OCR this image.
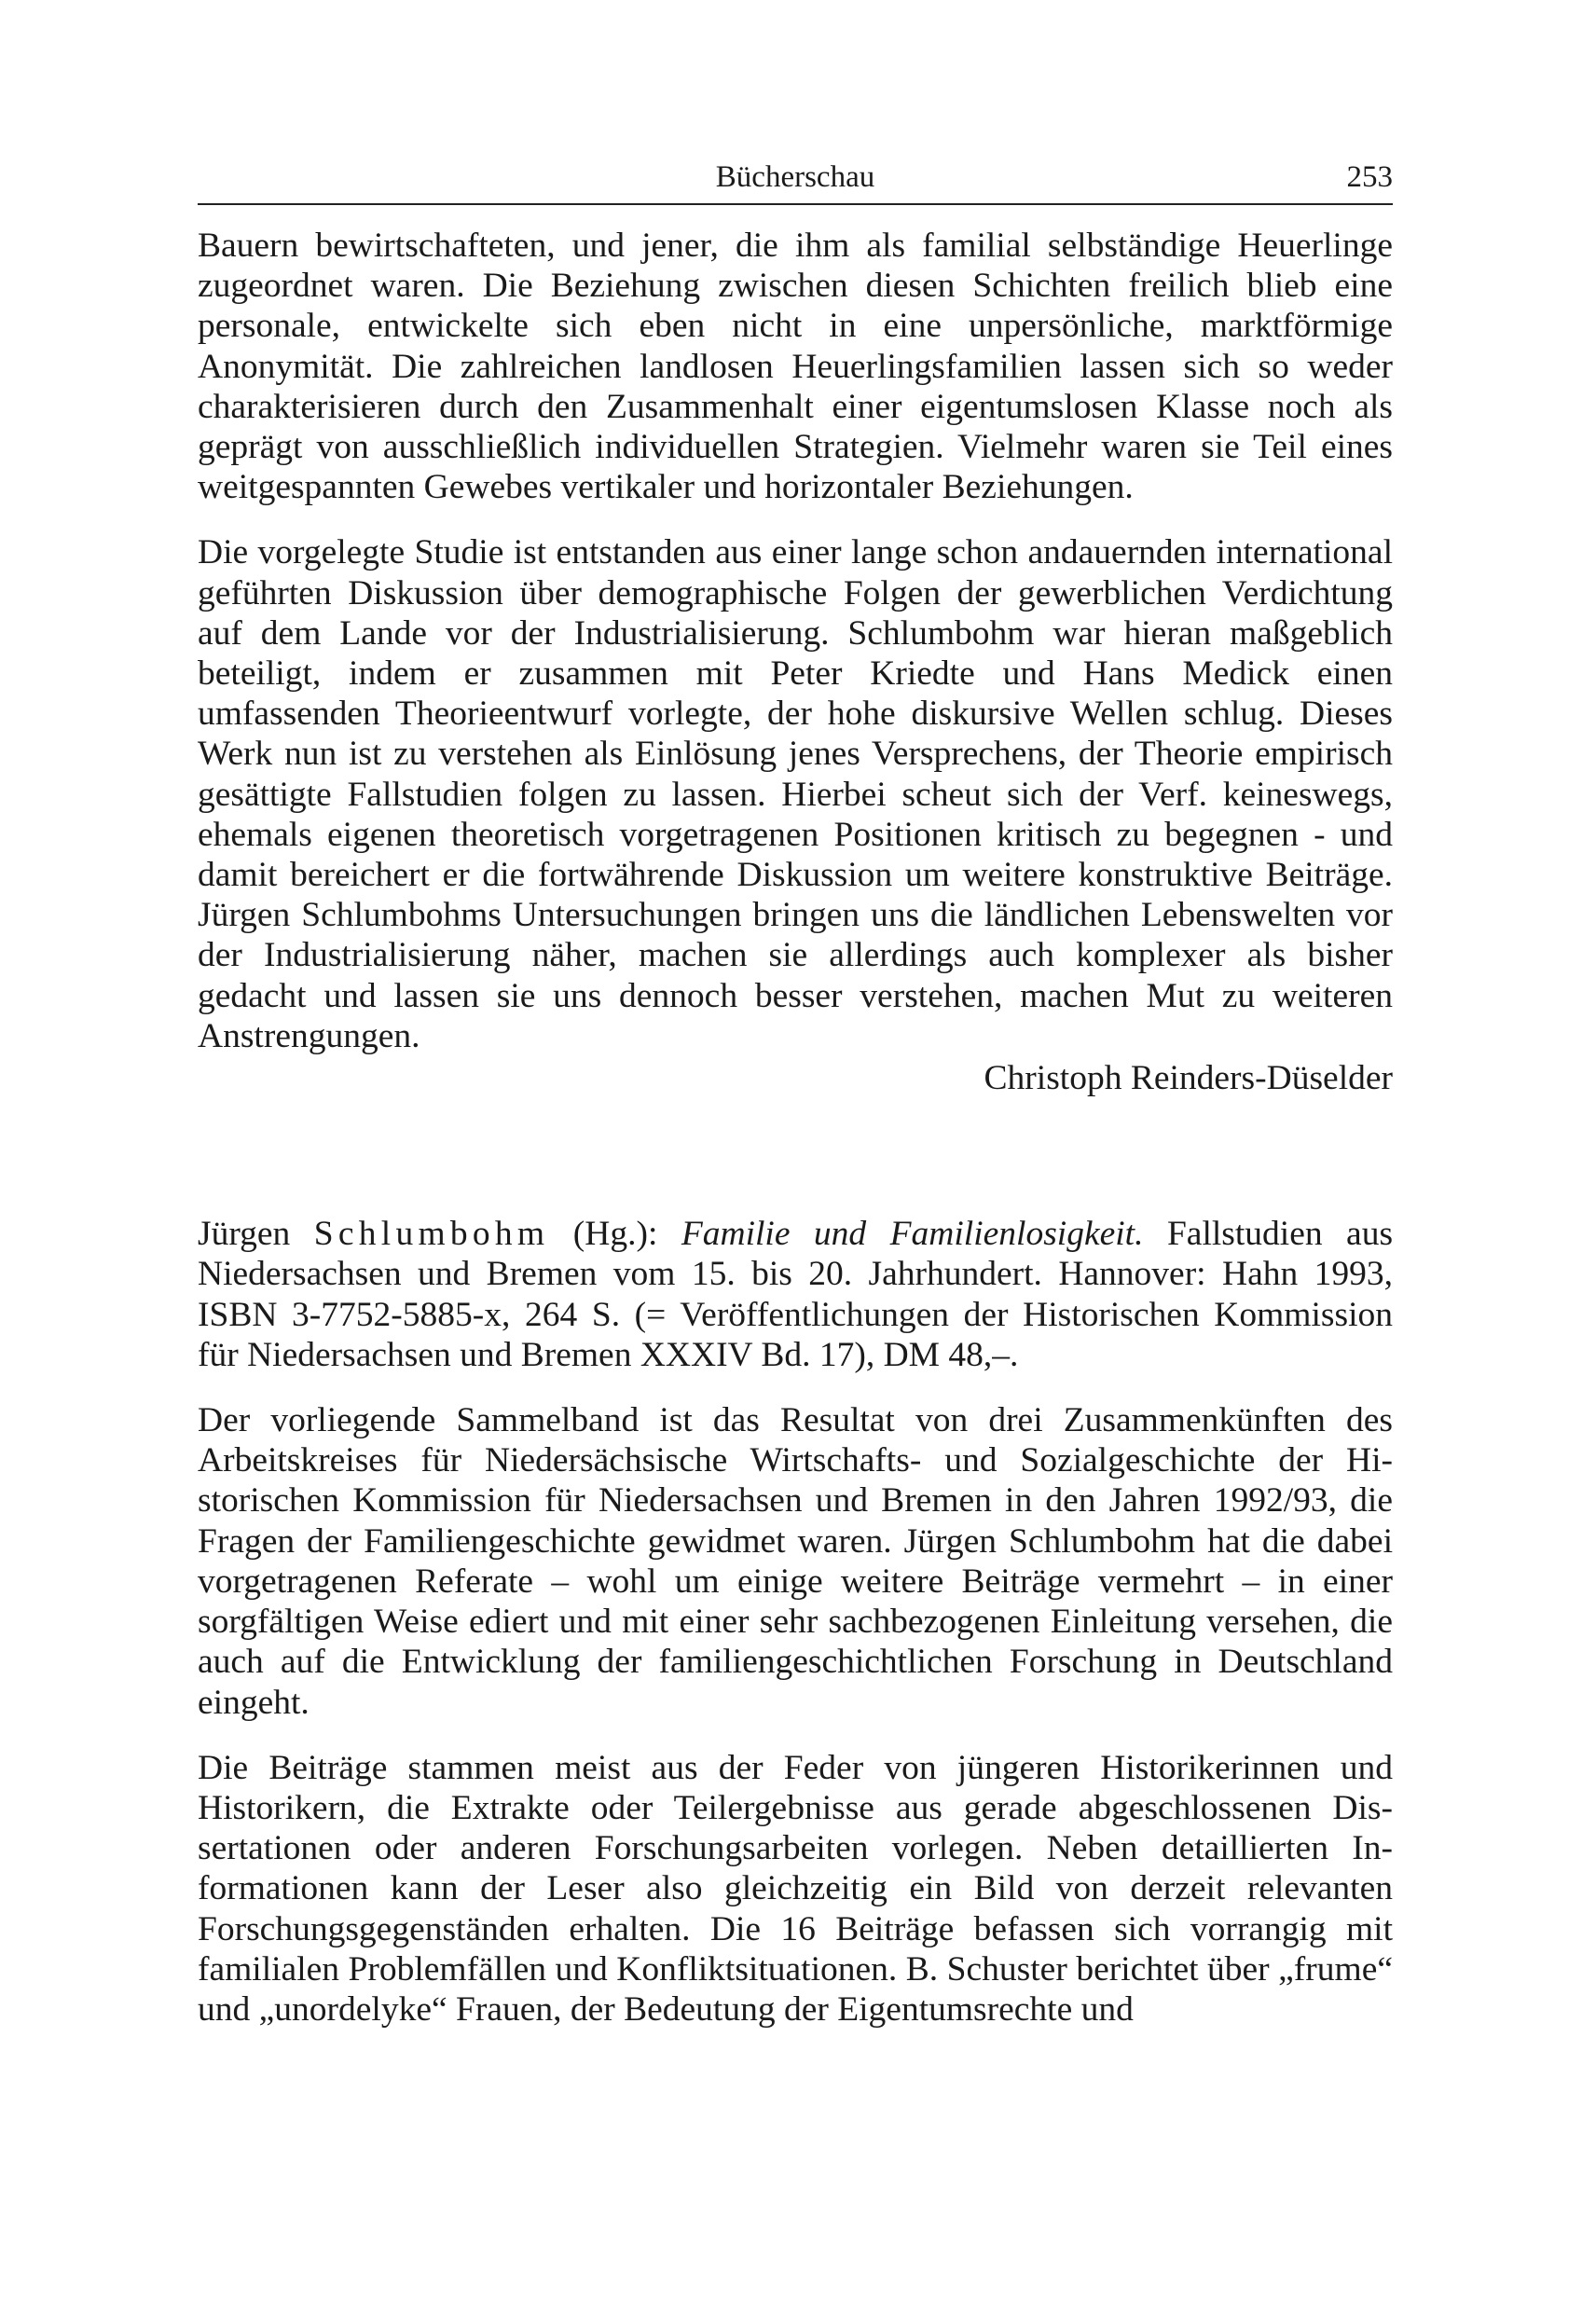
Bücherschau	253

Bauern bewirtschafteten, und jener, die ihm als familial selbständige Heuerlinge zugeordnet waren. Die Beziehung zwischen diesen Schichten freilich blieb eine personale, entwickelte sich eben nicht in eine unpersönliche, marktförmige Anonymität. Die zahlreichen landlosen Heuerlingsfamilien lassen sich so weder charakterisieren durch den Zusammenhalt einer eigentumslosen Klasse noch als geprägt von ausschließlich individuellen Strategien. Vielmehr waren sie Teil eines weitgespannten Gewebes vertikaler und horizontaler Beziehungen.

Die vorgelegte Studie ist entstanden aus einer lange schon andauernden international geführten Diskussion über demographische Folgen der gewerblichen Verdichtung auf dem Lande vor der Industrialisierung. Schlumbohm war hieran maßgeblich beteiligt, indem er zusammen mit Peter Kriedte und Hans Medick einen umfassenden Theorieentwurf vorlegte, der hohe diskursive Wellen schlug. Dieses Werk nun ist zu verstehen als Einlösung jenes Versprechens, der Theorie empirisch gesättigte Fallstudien folgen zu lassen. Hierbei scheut sich der Verf. keineswegs, ehemals eigenen theoretisch vorgetragenen Positionen kritisch zu begegnen - und damit bereichert er die fortwährende Diskussion um weitere konstruktive Beiträge. Jürgen Schlumbohms Untersuchungen bringen uns die ländlichen Lebenswelten vor der Industrialisierung näher, machen sie allerdings auch komplexer als bisher gedacht und lassen sie uns dennoch besser verstehen, machen Mut zu weiteren Anstrengungen.

Christoph Reinders-Düselder

Jürgen Schlumbohm (Hg.): Familie und Familienlosigkeit. Fallstudien aus Niedersachsen und Bremen vom 15. bis 20. Jahrhundert. Hannover: Hahn 1993, ISBN 3-7752-5885-x, 264 S. (= Veröffentlichungen der Historischen Kommission für Niedersachsen und Bremen XXXIV Bd. 17), DM 48,–.

Der vorliegende Sammelband ist das Resultat von drei Zusammenkünften des Arbeitskreises für Niedersächsische Wirtschafts- und Sozialgeschichte der Historischen Kommission für Niedersachsen und Bremen in den Jahren 1992/93, die Fragen der Familiengeschichte gewidmet waren. Jürgen Schlumbohm hat die dabei vorgetragenen Referate – wohl um einige weitere Beiträge vermehrt – in einer sorgfältigen Weise ediert und mit einer sehr sachbezogenen Einleitung versehen, die auch auf die Entwicklung der familiengeschichtlichen Forschung in Deutschland eingeht.

Die Beiträge stammen meist aus der Feder von jüngeren Historikerinnen und Historikern, die Extrakte oder Teilergebnisse aus gerade abgeschlossenen Dissertationen oder anderen Forschungsarbeiten vorlegen. Neben detaillierten Informationen kann der Leser also gleichzeitig ein Bild von derzeit relevanten Forschungsgegenständen erhalten. Die 16 Beiträge befassen sich vorrangig mit familialen Problemfällen und Konfliktsituationen. B. Schuster berichtet über „frume“ und „unordelyke“ Frauen, der Bedeutung der Eigentumsrechte und
